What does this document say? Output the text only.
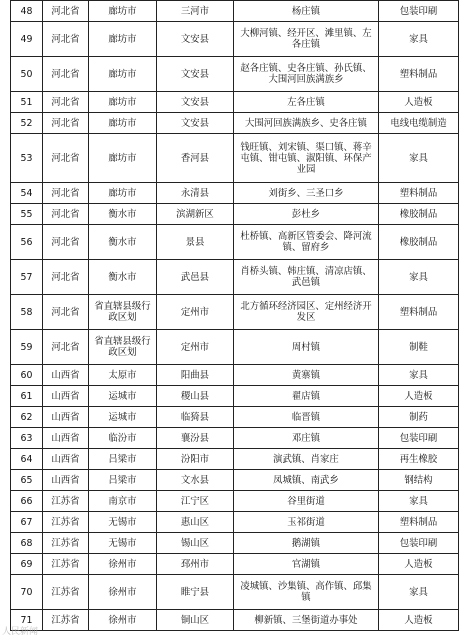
48	河北省	廊坊市	三河市	杨庄镇	包装印刷
49	河北省	廊坊市	文安县	大柳河镇、经开区、滩里镇、左各庄镇	家具
50	河北省	廊坊市	文安县	赵各庄镇、史各庄镇、孙氏镇、大围河回族满族乡	塑料制品
51	河北省	廊坊市	文安县	左各庄镇	人造板
52	河北省	廊坊市	文安县	大围河回族满族乡、史各庄镇	电线电缆制造
53	河北省	廊坊市	香河县	钱旺镇、刘宋镇、渠口镇、蒋辛屯镇、钳屯镇、淑阳镇、环保产业园	家具
54	河北省	廊坊市	永清县	刘街乡、三圣口乡	塑料制品
55	河北省	衡水市	滨湖新区	彭杜乡	橡胶制品
56	河北省	衡水市	景县	杜桥镇、高新区管委会、降河流镇、留府乡	橡胶制品
57	河北省	衡水市	武邑县	肖桥头镇、韩庄镇、清凉店镇、武邑镇	家具
58	河北省	省直辖县级行政区划	定州市	北方循环经济园区、定州经济开发区	塑料制品
59	河北省	省直辖县级行政区划	定州市	周村镇	制鞋
60	山西省	太原市	阳曲县	黄寨镇	家具
61	山西省	运城市	稷山县	翟店镇	人造板
62	山西省	运城市	临猗县	临晋镇	制药
63	山西省	临汾市	襄汾县	邓庄镇	包装印刷
64	山西省	吕梁市	汾阳市	演武镇、肖家庄	再生橡胶
65	山西省	吕梁市	文水县	凤城镇、南武乡	钢结构
66	江苏省	南京市	江宁区	谷里街道	家具
67	江苏省	无锡市	惠山区	玉祁街道	塑料制品
68	江苏省	无锡市	锡山区	鹅湖镇	包装印刷
69	江苏省	徐州市	邳州市	官湖镇	人造板
70	江苏省	徐州市	睢宁县	凌城镇、沙集镇、高作镇、邱集镇	家具
71	江苏省	徐州市	铜山区	柳新镇、三堡街道办事处	人造板
人民新闻
